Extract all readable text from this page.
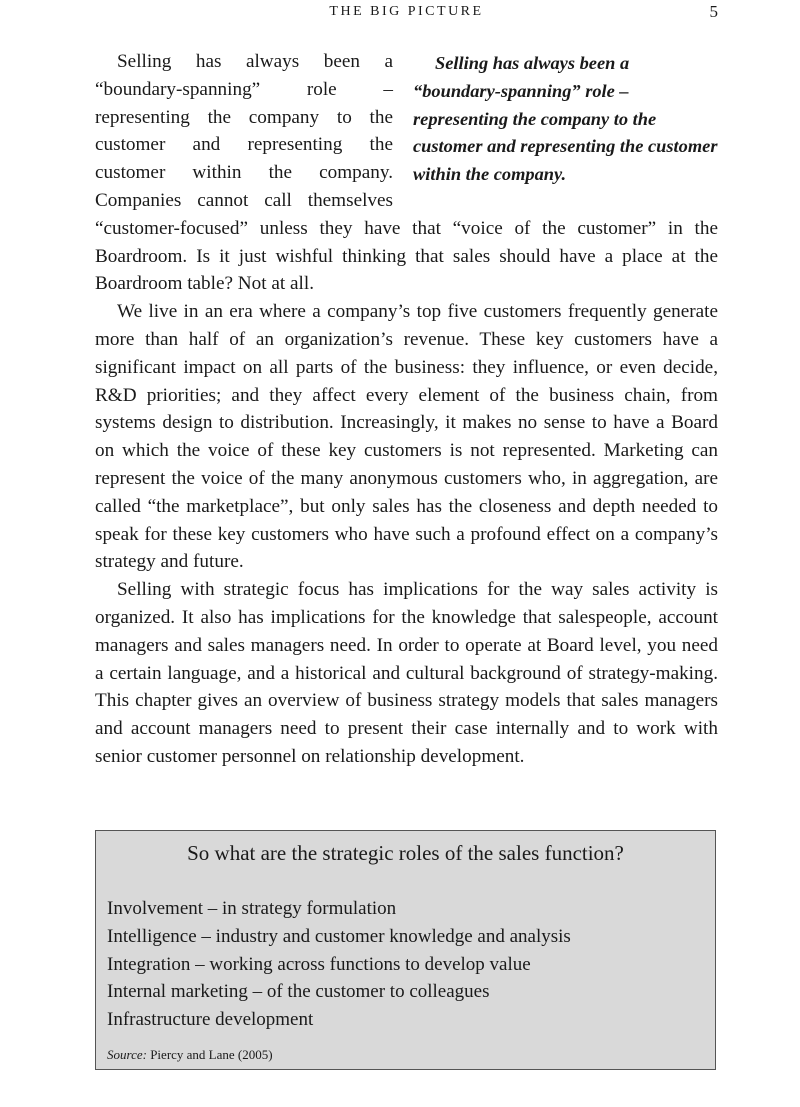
THE BIG PICTURE	5

Selling has always been a “boundary-spanning” role – representing the company to the customer and representing the customer within the company.
Selling has always been a “boundary-spanning” role – representing the company to the customer and representing the customer within the company. Companies cannot call themselves “customer-focused” unless they have that “voice of the customer” in the Boardroom. Is it just wishful thinking that sales should have a place at the Boardroom table? Not at all.

We live in an era where a company’s top five customers frequently generate more than half of an organization’s revenue. These key customers have a significant impact on all parts of the business: they influence, or even decide, R&D priorities; and they affect every element of the business chain, from systems design to distribution. Increasingly, it makes no sense to have a Board on which the voice of these key customers is not represented. Marketing can represent the voice of the many anonymous customers who, in aggregation, are called “the marketplace”, but only sales has the closeness and depth needed to speak for these key customers who have such a profound effect on a company’s strategy and future.

Selling with strategic focus has implications for the way sales activity is organized. It also has implications for the knowledge that salespeople, account managers and sales managers need. In order to operate at Board level, you need a certain language, and a historical and cultural background of strategy-making. This chapter gives an overview of business strategy models that sales managers and account managers need to present their case internally and to work with senior customer personnel on relationship development.

So what are the strategic roles of the sales function?
Involvement – in strategy formulation
Intelligence – industry and customer knowledge and analysis
Integration – working across functions to develop value
Internal marketing – of the customer to colleagues
Infrastructure development
Source: Piercy and Lane (2005)
